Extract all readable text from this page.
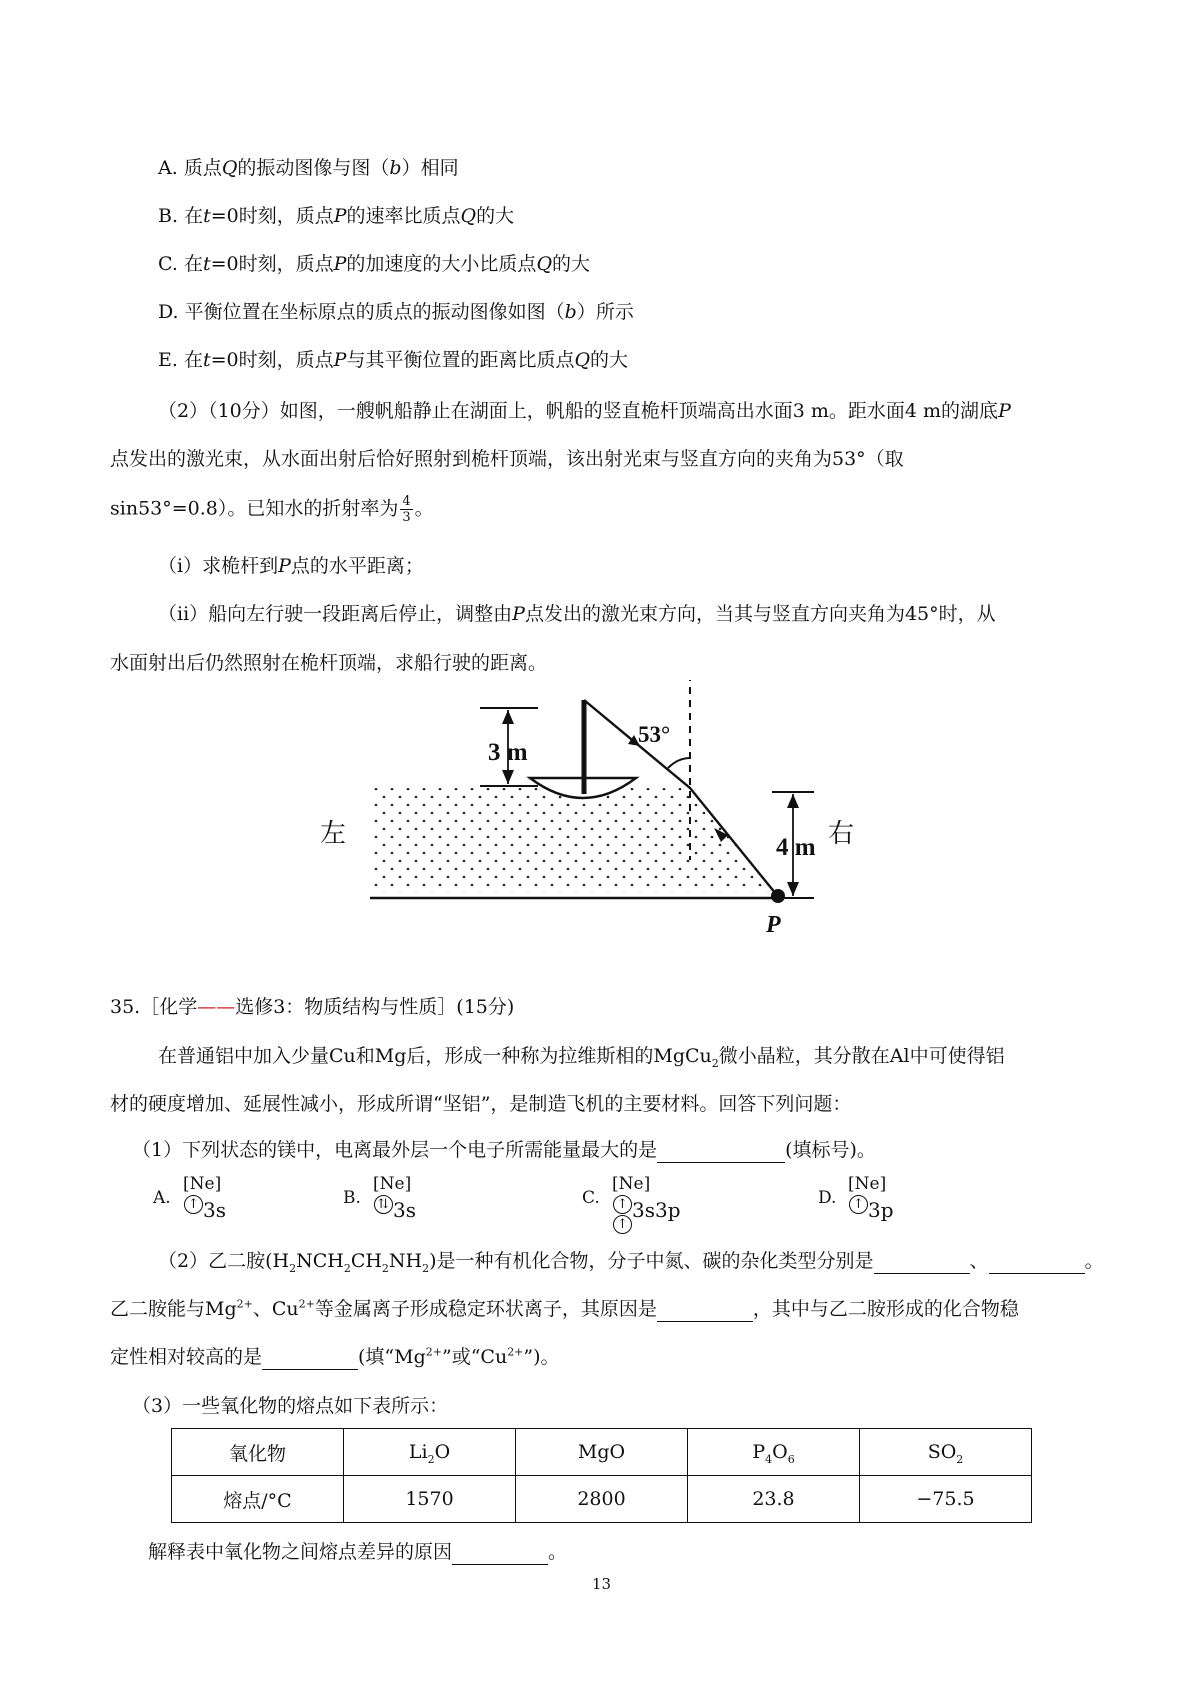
A. 质点Q的振动图像与图（b）相同
B. 在t=0时刻，质点P的速率比质点Q的大
C. 在t=0时刻，质点P的加速度的大小比质点Q的大
D. 平衡位置在坐标原点的质点的振动图像如图（b）所示
E. 在t=0时刻，质点P与其平衡位置的距离比质点Q的大
（2）（10分）如图，一艘帆船静止在湖面上，帆船的竖直桅杆顶端高出水面3 m。距水面4 m的湖底P
点发出的激光束，从水面出射后恰好照射到桅杆顶端，该出射光束与竖直方向的夹角为53°（取
sin53°=0.8）。已知水的折射率为 $\frac{4}{3}$ 。
（i）求桅杆到P点的水平距离；
（ii）船向左行驶一段距离后停止，调整由P点发出的激光束方向，当其与竖直方向夹角为45°时，从
水面射出后仍然照射在桅杆顶端，求船行驶的距离。
3 m
4 m
53°
P
左	右
35.［化学——选修3：物质结构与性质］(15分)
在普通铝中加入少量Cu和Mg后，形成一种称为拉维斯相的MgCu$_2$微小晶粒，其分散在Al中可使得铝
材的硬度增加、延展性减小，形成所谓“坚铝”，是制造飞机的主要材料。回答下列问题：
（1）下列状态的镁中，电离最外层一个电子所需能量最大的是	(填标号)。
A.
[Ne]↑ 3s	B.
[Ne]⇅ 3s	C.
[Ne]↑↑
3s3p	D.
[Ne]↑ 3p
（2）乙二胺$(H_2NCH_2CH_2NH_2)$是一种有机化合物，分子中氮、碳的杂化类型分别是	、	。
乙二胺能与$Mg^{2+}$、$Cu^{2+}$等金属离子形成稳定环状离子，其原因是	，其中与乙二胺形成的化合物稳
定性相对较高的是	(填“$Mg^{2+}$”或“$Cu^{2+}$”)。
（3）一些氧化物的熔点如下表所示：
氧化物	$Li_2O$	MgO	$P_4O_6$	$SO_2$
熔点/°C	1570	2800	23.8	−75.5
解释表中氧化物之间熔点差异的原因	。
13
